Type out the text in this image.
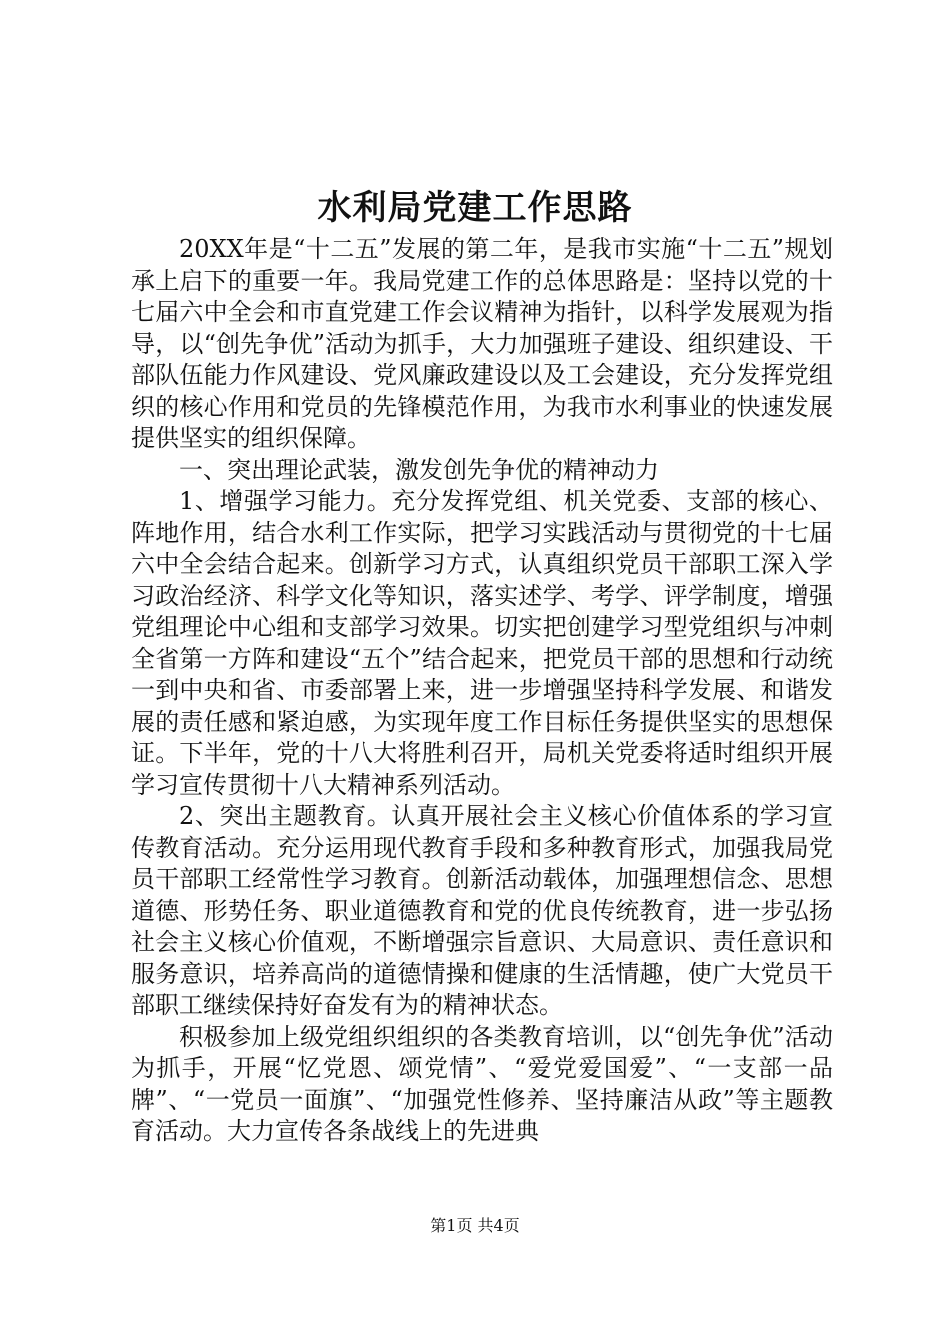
水利局党建工作思路

20XX年是“十二五”发展的第二年，是我市实施“十二五”规划承上启下的重要一年。我局党建工作的总体思路是：坚持以党的十七届六中全会和市直党建工作会议精神为指针，以科学发展观为指导，以“创先争优”活动为抓手，大力加强班子建设、组织建设、干部队伍能力作风建设、党风廉政建设以及工会建设，充分发挥党组织的核心作用和党员的先锋模范作用，为我市水利事业的快速发展提供坚实的组织保障。

一、突出理论武装，激发创先争优的精神动力

1、增强学习能力。充分发挥党组、机关党委、支部的核心、阵地作用，结合水利工作实际，把学习实践活动与贯彻党的十七届六中全会结合起来。创新学习方式，认真组织党员干部职工深入学习政治经济、科学文化等知识，落实述学、考学、评学制度，增强党组理论中心组和支部学习效果。切实把创建学习型党组织与冲刺全省第一方阵和建设“五个”结合起来，把党员干部的思想和行动统一到中央和省、市委部署上来，进一步增强坚持科学发展、和谐发展的责任感和紧迫感，为实现年度工作目标任务提供坚实的思想保证。下半年，党的十八大将胜利召开，局机关党委将适时组织开展学习宣传贯彻十八大精神系列活动。

2、突出主题教育。认真开展社会主义核心价值体系的学习宣传教育活动。充分运用现代教育手段和多种教育形式，加强我局党员干部职工经常性学习教育。创新活动载体，加强理想信念、思想道德、形势任务、职业道德教育和党的优良传统教育，进一步弘扬社会主义核心价值观，不断增强宗旨意识、大局意识、责任意识和服务意识，培养高尚的道德情操和健康的生活情趣，使广大党员干部职工继续保持好奋发有为的精神状态。

积极参加上级党组织组织的各类教育培训，以“创先争优”活动为抓手，开展“忆党恩、颂党情”、“爱党爱国爱”、“一支部一品牌”、“一党员一面旗”、“加强党性修养、坚持廉洁从政”等主题教育活动。大力宣传各条战线上的先进典

第1页 共4页
